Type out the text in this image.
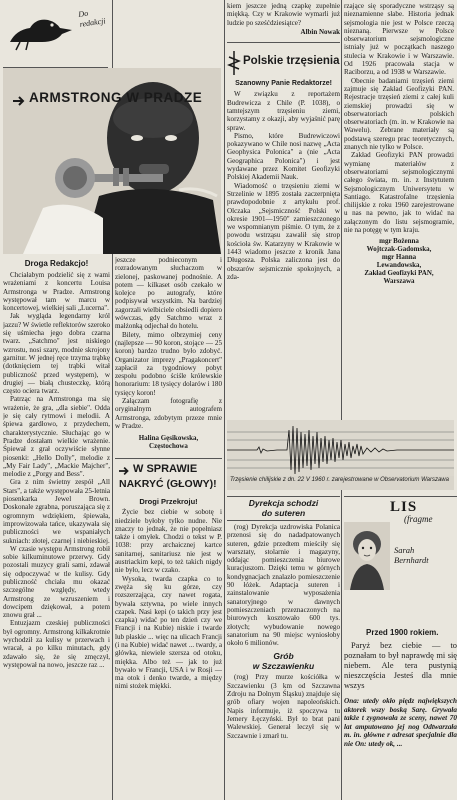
Do
redakcji
ARMSTRONG W PRADZE
Droga Redakcjo!

Chciałabym podzielić się z wami wrażeniami z koncertu Louisa Armstronga w Pradze. Armstrong występował tam w marcu w koncertowej, wielkiej sali „Lucerna".

Jak wygląda legendarny król jazzu? W świetle reflektorów szeroko się uśmiecha jego dobra czarna twarz. „Satchmo" jest niskiego wzrostu, nosi szary, modnie skrojony garnitur. W jednej ręce trzyma trąbkę (dotknięciem tej trąbki witał publiczność przed występem), w drugiej — białą chusteczkę, którą często ociera twarz.

Patrząc na Armstronga ma się wrażenie, że gra, „dla siebie". Odda je się cały rytmowi i melodii. A śpiewa gardłowo, z przydechem, charakterystycznie. Słuchając go w Pradze dostałam wielkie wrażenie. Śpiewał z grał oczywiście słynne piosenki: „Hello Dolly", melodie z „My Fair Lady", „Mackie Majcher", melodie z „Porgy and Bess".

Gra z nim świetny zespół „All Stars", a także występowała 25-letnia piosenkarka Jewel Brown. Doskonale zgrabna, poruszająca się z ogromnym wdziękiem, śpiewała, improwizowała tańce, ukazywała się publiczności we wspaniałych sukniach: złotej, czarnej i niebieskiej.

W czasie występu Armstrong robił sobie kilkuminutowe przerwy. Gdy pozostali muzycy grali sami, zdawał się odpoczywać w tle kulisy. Gdy publiczność chciała mu okazać szczególne względy, wtedy Armstrong ze wzruszeniem i dowcipem dziękował, a potem znowu grał ...

Entuzjazm czeskiej publiczności był ogromny. Armstrong kilkakrotnie wychodził za kulisy w przerwach i wracał, a po kilku minutach, gdy zdawało się, że się zmęczył, występował na nowo, jeszcze raz ...

jeszcze podnieconym i rozradowanym słuchaczom w zielonej, paskowanej podnośnie. A potem — kilkaset osób czekało w kolejce po autografy, które podpisywał wszystkim. Na bardziej zagorzali wielbiciele obsiedli dopiero wówczas, gdy Satchmo wraz z małżonką odjechał do hotelu.

Bilety, mimo olbrzymiej ceny (najlepsze — 90 koron, stojące — 25 koron) bardzo trudno było zdobyć. Organizator imprezy „Pragakoncert" zapłacił za tygodniowy pobyt zespołu podobno ściśle królewskie honorarium: 18 tysięcy dolarów i 180 tysięcy koron!

Załączam fotografię z oryginalnym autografem Armstronga, zdobytym przeze mnie w Pradze.

Halina Gęsikowska,
Częstochowa
W SPRAWIE
NAKRYĆ (GŁOWY)!
Drogi Przekroju!

Życie bez ciebie w sobotę i niedziele byłoby tylko nudne. Nie znaczy to jednak, że nie popełniasz także i omyłek. Chodzi o tekst w P. 1038: przy archaicznej kartce sanitarnej, sanitariusz nie jest w austriackim kepi, to też takich nigdy nie było, lecz w czako.

Wysoka, twarda czapka co to zwęża się ku górze, czy rozszerzająca, czy nawet rogata, bywała sztywna, po wiele innych czapek. Nasi kepi (o takich przy jest czapka) widać po ten dzień czy we Francji i na Kubie) niskie i twarde lub płaskie ... więc na ulicach Francji (i na Kubie) widać nawet ... twardy, a główka, niewiele szersza od otoku, miękka. Albo też — jak to już bywało w Francji, USA i w Rosji — ma otok i denko twarde, a między nimi stożek miękki.

kiem jeszcze jedną czapkę zupełnie miękką. Czy w Krakowie wymarli już ludzie po sześćdziesiątce?

Albin Nowak
Polskie trzęsienia
Szanowny Panie Redaktorze!

W związku z reportażem Budrewicza z Chile (P. 1038), o tamtejszym trzęsieniu ziemi, korzystamy z okazji, aby wyjaśnić parę spraw.

Pismo, które Budrewiczowi pokazywano w Chile nosi nazwę „Acta Geophysica Polonica" a (nie „Acta Geographica Polonica") i jest wydawane przez Komitet Geofizyki Polskiej Akademii Nauk.

Wiadomość o trzęsieniu ziemi w Strzelinie w 1895 została zaczerpnięta prawdopodobnie z artykułu prof. Olczaka „Sejsmiczność Polski w okresie 1901—1950" zamieszczonego we wspomnianym piśmie. O tym, że z powodu wstrząsu zawalił się strop kościoła św. Katarzyny w Krakowie w 1443 wiadomo jeszcze z kronik Jana Długosza. Polska zaliczona jest do obszarów sejsmicznie spokojnych, a zda-

Trzęsienie chilijskie z dn. 22 V 1960 r. zarejestrowane w Observatorium Warszawa
Dyrekcja schodzi
do suteren

(rog) Dyrekcja uzdrowiska Polanica przenosi się do nadadpatowanych suteren, gdzie przedtem mieściły się warsztaty, stolarnie i magazyny, oddając pomieszczenia biurowe kuracjuszom. Dzięki temu w górnych kondygnacjach znalazło pomieszczenie 90 łóżek. Adaptacja suteren i zainstalowanie wyposażenia sanatoryjnego w dawnych pomieszczeniach przeznaczonych na biurowych kosztowało 600 tys. złotych; wybudowanie nowego sanatorium na 90 miejsc wyniosłoby około 6 milionów.

Grób
w Szczawienku

(rog) Przy murze kościółka w Szczawienku (3 km od Szczawna Zdroju na Dolnym Śląsku) znajduje się grób ofiary wojen napoleońskich. Napis informuje, iż spoczywa tu Jemery Łęczyński. Był to brat pani Walewskiej. Generał leczył się w Szczawnie i zmarł tu.

rzające się sporadyczne wstrząsy są nieznamienne słabe. Historia jednak sejsmologia nie jest w Polsce rzeczą nieznaną. Pierwsze w Polsce obserwatorium sejsmologiczne istniały już w początkach naszego stulecia w Krakowie i w Warszawie. Od 1926 pracowała stacja w Raciborzu, a od 1938 w Warszawie.

Obecnie badaniami trzęsień ziemi zajmuje się Zakład Geofizyki PAN. Rejestracje trzęsień ziemi z całej kuli ziemskiej prowadzi się w obserwatoriach polskich obserwatoriach (m. in. w Krakowie na Wawelu). Zebrane materiały są podstawą szeregu prac teoretycznych, znanych nie tylko w Polsce.

Zakład Geofizyki PAN prowadzi wymianę materiałów z obserwatoriami sejsmologicznymi całego świata, m. in. z Instytutem Sejsmologicznym Uniwersytetu w Santiago. Katastrofalne trzęsienia chilijskie z roku 1960 zarejestrowane u nas na pewno, jak to widać na załączonym do listu sejsmogramie, nie na potęgę w tym kraju.

mgr Bożenna
Wojtczak-Gadomska,
mgr Hanna
Lewandowska,
Zakład Geofizyki PAN,
Warszawa
LIS
(fragme
Sarah
Bernhardt
Przed 1900 rokiem.

Paryż bez ciebie — to poznałam to był naprawdę mi się niebem. Ale tera pustynią nieszczęścia Jesteś dla mnie wszys

Ona: utedy okło piędz największych aktorek wszy boską Sarę. Grywała także t zygnowała ze sceny, nawet 70 lat amputowano jej nog Odtwarzała m. in. główne r adresat specjalnie dla nie On: utedy ok, ...
